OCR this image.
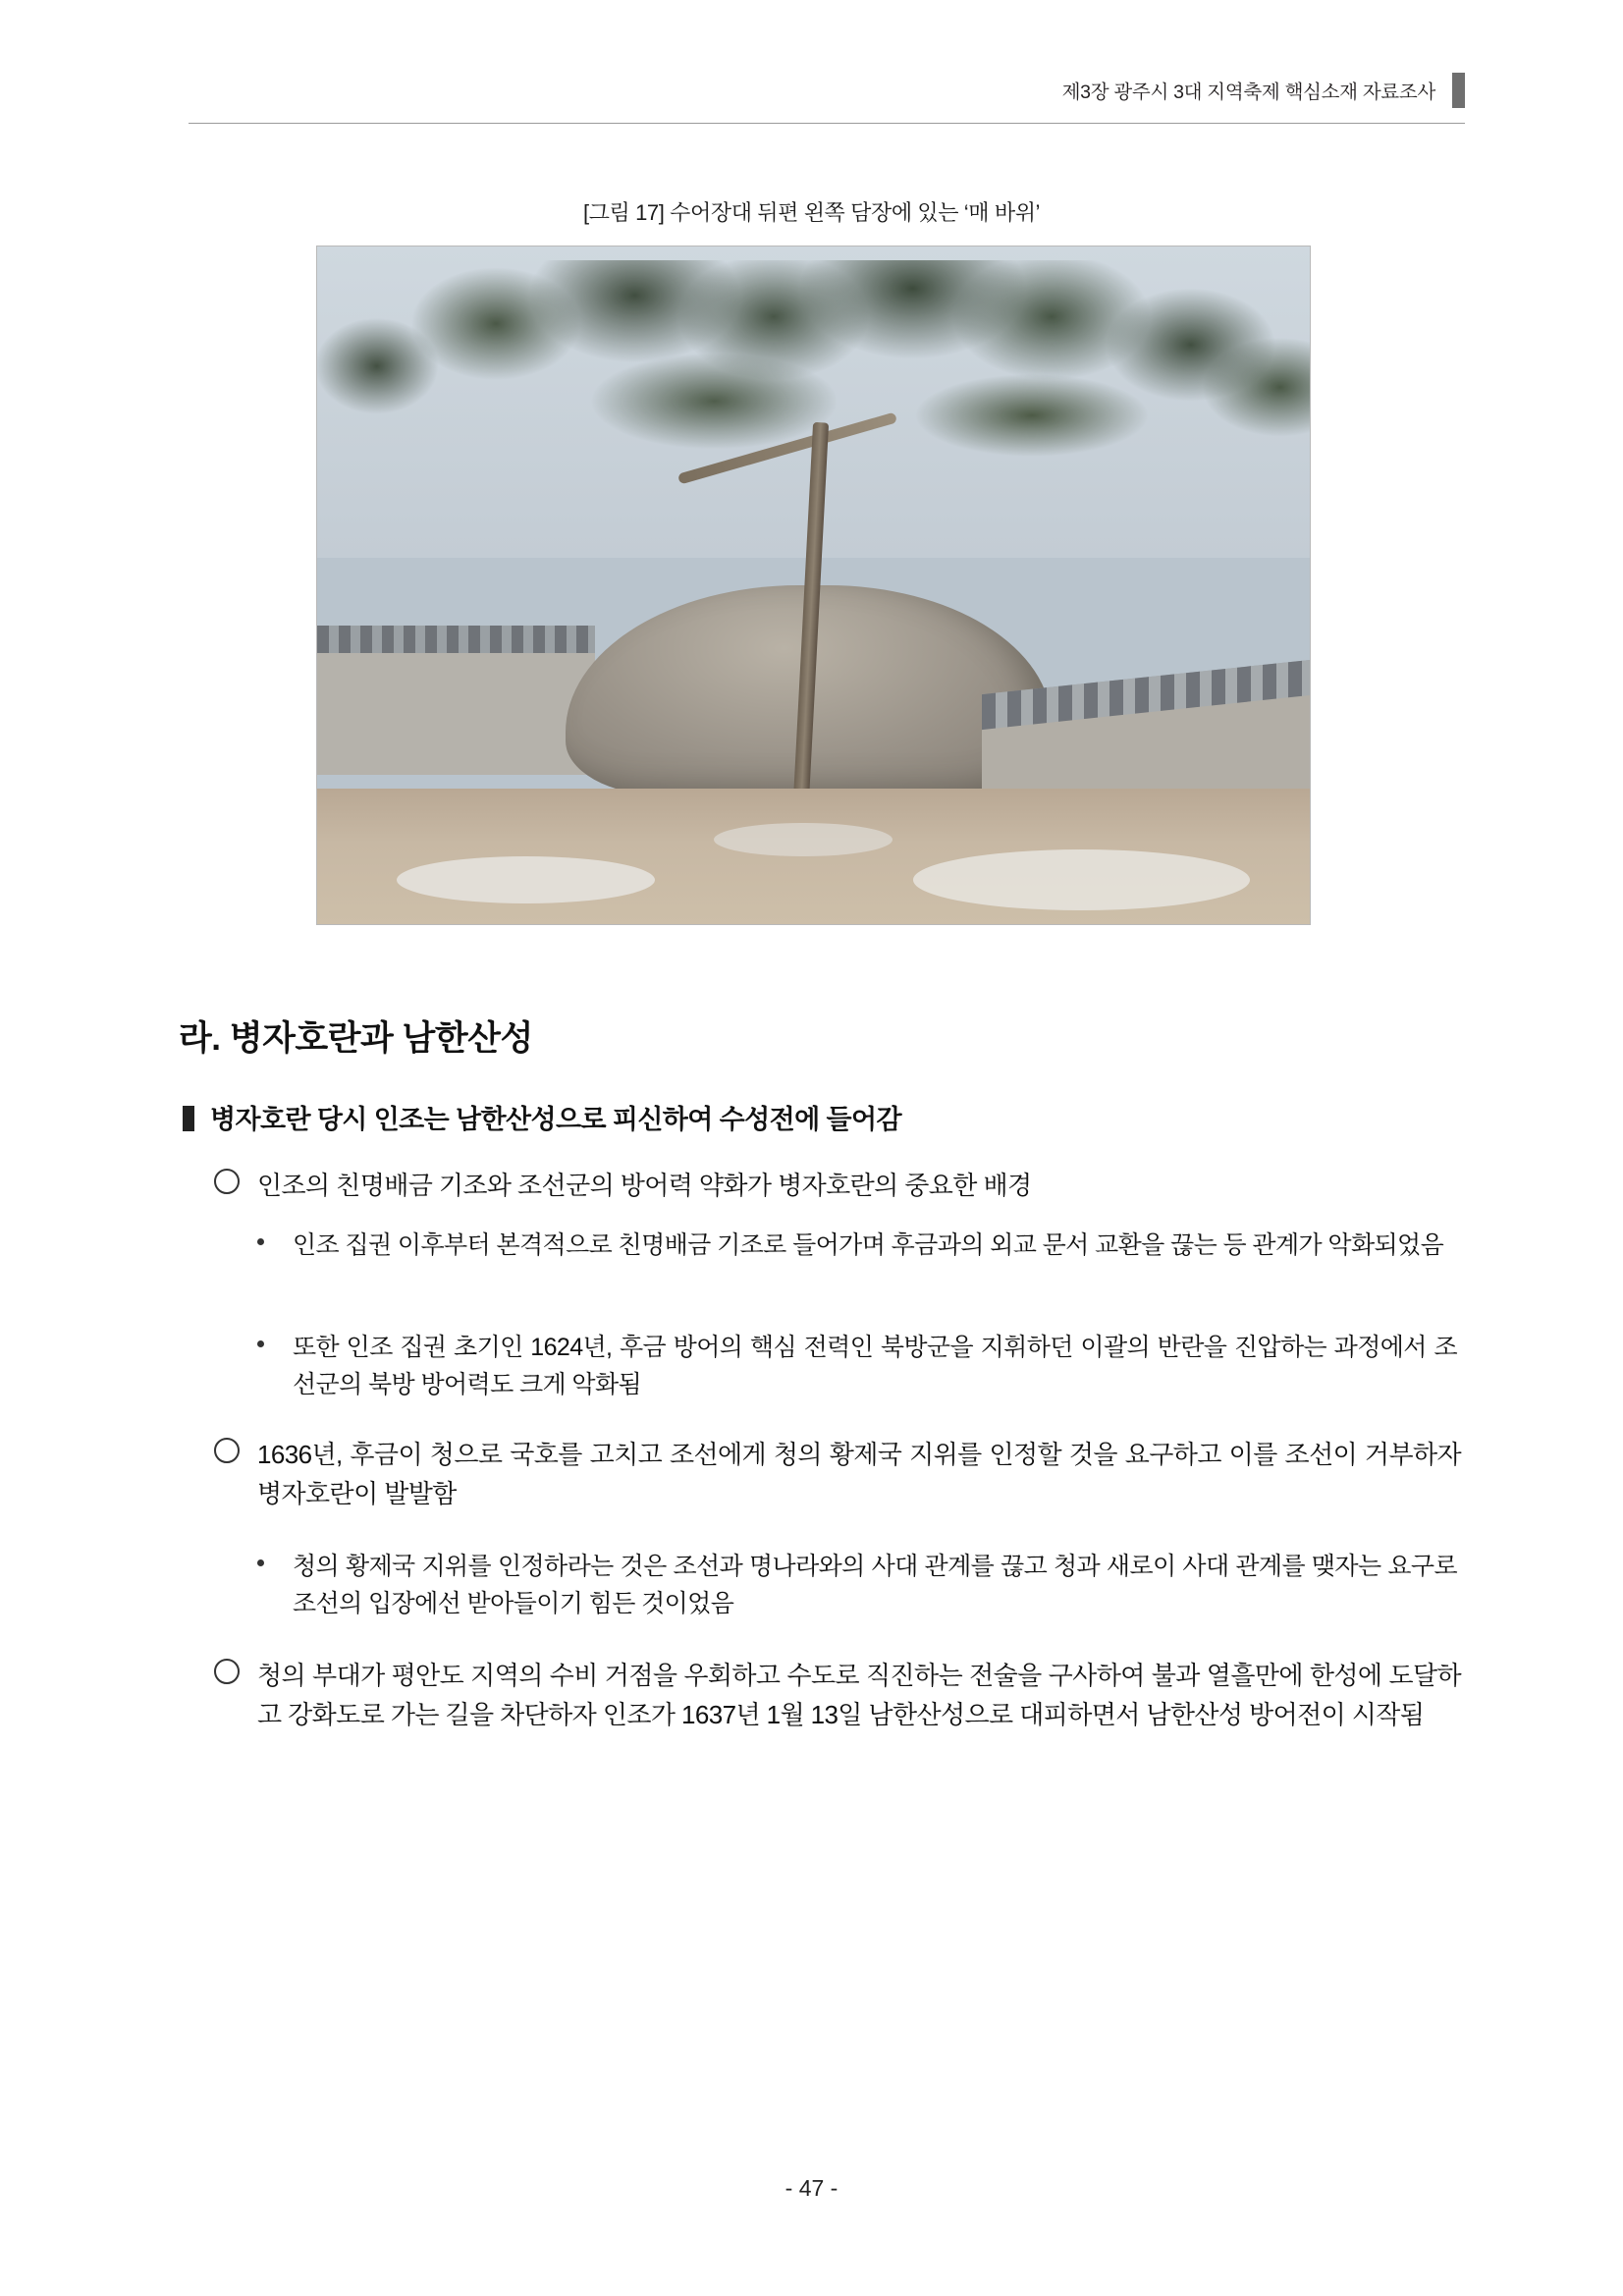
제3장 광주시 3대 지역축제 핵심소재 자료조사
[그림 17] 수어장대 뒤편 왼쪽 담장에 있는 ‘매 바위’
라. 병자호란과 남한산성
병자호란 당시 인조는 남한산성으로 피신하여 수성전에 들어감
인조의 친명배금 기조와 조선군의 방어력 약화가 병자호란의 중요한 배경
인조 집권 이후부터 본격적으로 친명배금 기조로 들어가며 후금과의 외교 문서 교환을 끊는 등 관계가 악화되었음
또한 인조 집권 초기인 1624년, 후금 방어의 핵심 전력인 북방군을 지휘하던 이괄의 반란을 진압하는 과정에서 조선군의 북방 방어력도 크게 악화됨
1636년, 후금이 청으로 국호를 고치고 조선에게 청의 황제국 지위를 인정할 것을 요구하고 이를 조선이 거부하자 병자호란이 발발함
청의 황제국 지위를 인정하라는 것은 조선과 명나라와의 사대 관계를 끊고 청과 새로이 사대 관계를 맺자는 요구로 조선의 입장에선 받아들이기 힘든 것이었음
청의 부대가 평안도 지역의 수비 거점을 우회하고 수도로 직진하는 전술을 구사하여 불과 열흘만에 한성에 도달하고 강화도로 가는 길을 차단하자 인조가 1637년 1월 13일 남한산성으로 대피하면서 남한산성 방어전이 시작됨
- 47 -
